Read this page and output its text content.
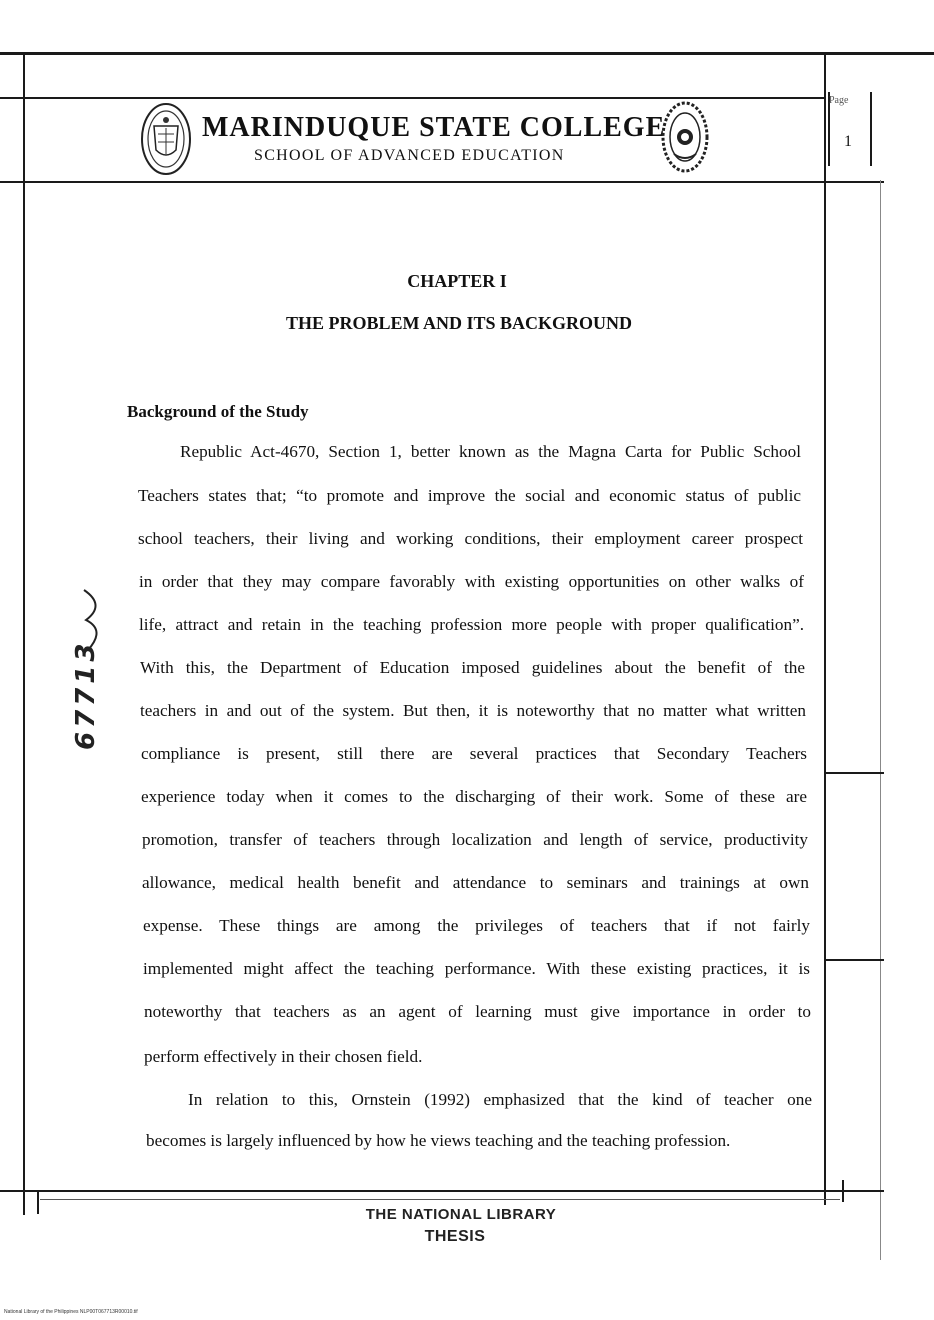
MARINDUQUE STATE COLLEGE
SCHOOL OF ADVANCED EDUCATION
Page
1
CHAPTER I
THE PROBLEM AND ITS BACKGROUND
Background of the Study
Republic Act-4670, Section 1, better known as the Magna Carta for Public School
Teachers states that; “to promote and improve the social and economic status of public
school teachers, their living and working conditions, their employment career prospect
in order that they may compare favorably with existing opportunities on other walks of
life, attract and retain in the teaching profession more people with proper qualification”.
With this, the Department of Education imposed guidelines about the benefit of the
teachers in and out of the system. But then, it is noteworthy that no matter what written
compliance is present, still there are several practices that Secondary Teachers
experience today when it comes to the discharging of their work. Some of these are
promotion, transfer of teachers through localization and length of service, productivity
allowance, medical health benefit and attendance to seminars and trainings at own
expense. These things are among the privileges of teachers that if not fairly
implemented might affect the teaching performance. With these existing practices, it is
noteworthy that teachers as an agent of learning must give importance in order to
perform effectively in their chosen field.
In relation to this, Ornstein (1992) emphasized that the kind of teacher one
becomes is largely influenced by how he views teaching and the teaching profession.
67713
THE NATIONAL LIBRARY
THESIS
National Library of the Philippines NLP00T067713R00010.tif
